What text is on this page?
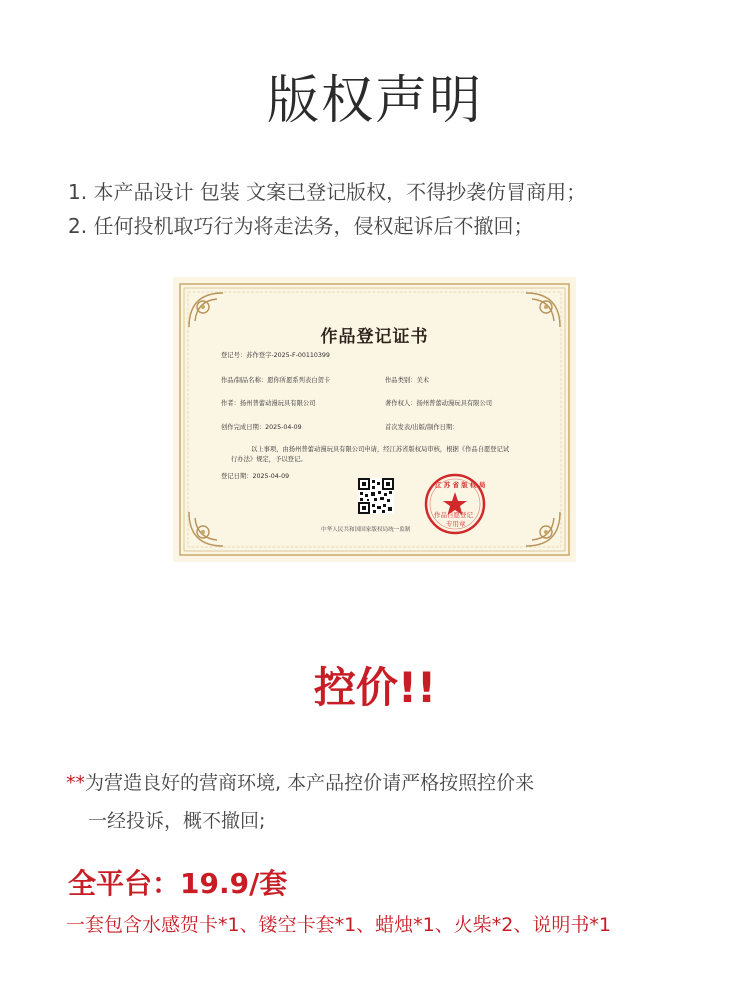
版权声明
1. 本产品设计 包装 文案已登记版权，不得抄袭仿冒商用；
2. 任何投机取巧行为将走法务，侵权起诉后不撤回；
作品登记证书
登记号：苏作登字-2025-F-00110399
作品/制品名称：愿你所愿系列表白贺卡	作品类别：美术
作者：扬州普蕾动漫玩具有限公司	著作权人：扬州普蕾动漫玩具有限公司
创作完成日期：2025-04-09	首次发表/出版/制作日期：
以上事项，由扬州普蕾动漫玩具有限公司申请，经江苏省版权局审核，根据《作品自愿登记试
行办法》规定，予以登记。
登记日期：2025-04-09
江 苏 省 版 权 局
作品自愿登记
专用章
中华人民共和国国家版权局统一监制
控价!!
**为营造良好的营商环境, 本产品控价请严格按照控价来
一经投诉，概不撤回;
全平台：19.9/套
一套包含水感贺卡*1、镂空卡套*1、蜡烛*1、火柴*2、说明书*1
